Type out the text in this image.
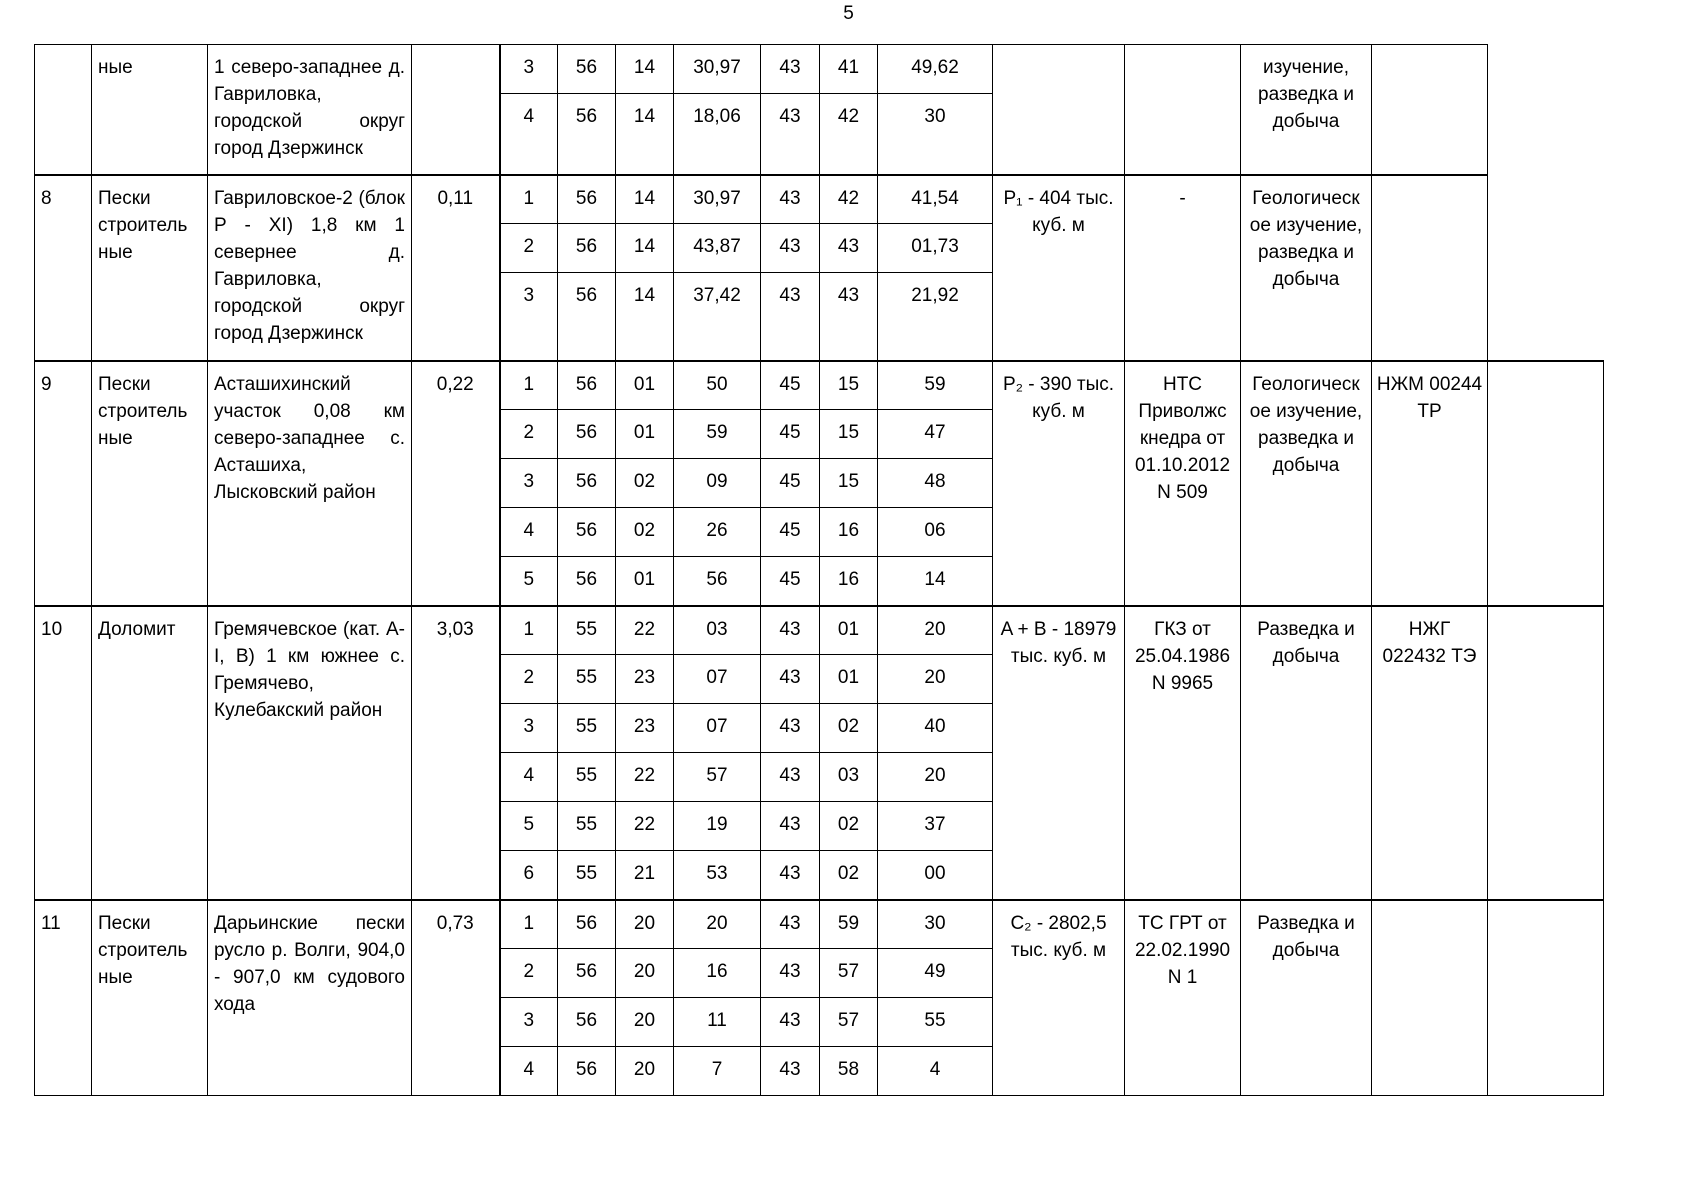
5
	ные	1 северо-западнее д. Гавриловка, городской округ город Дзержинск		3	56	14	30,97	43	41	49,62			изучение, разведка и добыча		
				4	56	14	18,06	43	42	30					
8	Пески строитель ные	Гавриловское-2 (блок Р - XI) 1,8 км 1 севернее д. Гавриловка, городской округ город Дзержинск	0,11	1	56	14	30,97	43	42	41,54	P₁ - 404 тыс. куб. м	-	Геологическ ое изучение, разведка и добыча		
				2	56	14	43,87	43	43	01,73					
				3	56	14	37,42	43	43	21,92					
9	Пески строитель ные	Асташихинский участок 0,08 км северо-западнее с. Асташиха, Лысковский район	0,22	1	56	01	50	45	15	59	P₂ - 390 тыс. куб. м	НТС Приволжс кнедра от 01.10.2012 N 509	Геологическ ое изучение, разведка и добыча	НЖМ 00244 ТР	
				2	56	01	59	45	15	47					
				3	56	02	09	45	15	48					
				4	56	02	26	45	16	06					
				5	56	01	56	45	16	14					
10	Доломит	Гремячевское (кат. A-I, B) 1 км южнее с. Гремячево, Кулебакский район	3,03	1	55	22	03	43	01	20	A + B - 18979 тыс. куб. м	ГКЗ от 25.04.1986 N 9965	Разведка и добыча	НЖГ 022432 ТЭ	
				2	55	23	07	43	01	20					
				3	55	23	07	43	02	40					
				4	55	22	57	43	03	20					
				5	55	22	19	43	02	37					
				6	55	21	53	43	02	00					
11	Пески строитель ные	Дарьинские пески русло р. Волги, 904,0 - 907,0 км судового хода	0,73	1	56	20	20	43	59	30	C₂ - 2802,5 тыс. куб. м	ТС ГРТ от 22.02.1990 N 1	Разведка и добыча		
				2	56	20	16	43	57	49					
				3	56	20	11	43	57	55					
				4	56	20	7	43	58	4					
